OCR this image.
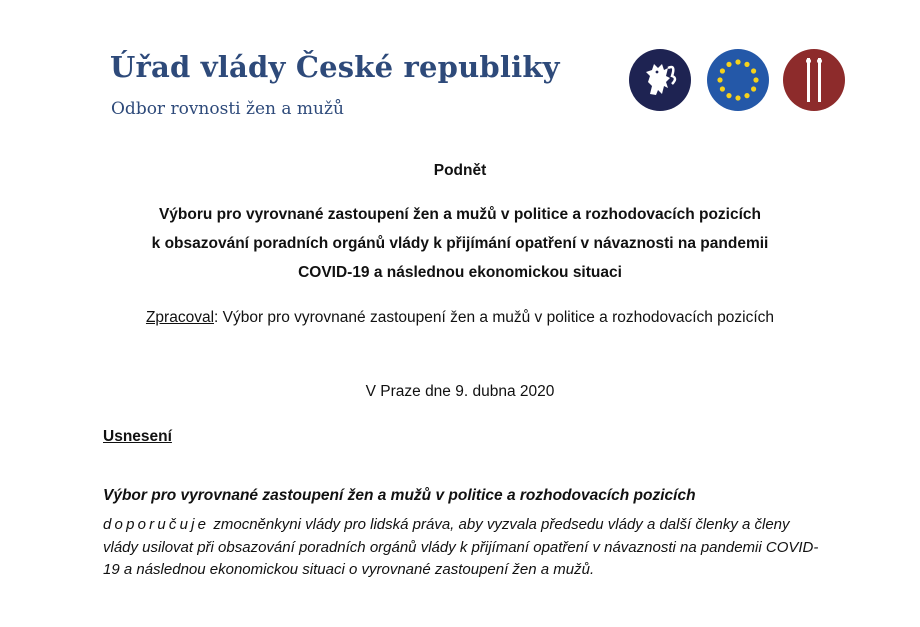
Úřad vlády České republiky
Odbor rovnosti žen a mužů
Podnět
Výboru pro vyrovnané zastoupení žen a mužů v politice a rozhodovacích pozicích
k obsazování poradních orgánů vlády k přijímání opatření v návaznosti na pandemii
COVID-19 a následnou ekonomickou situaci
Zpracoval: Výbor pro vyrovnané zastoupení žen a mužů v politice a rozhodovacích pozicích
V Praze dne 9. dubna 2020
Usnesení
Výbor pro vyrovnané zastoupení žen a mužů v politice a rozhodovacích pozicích
doporučuje zmocněnkyni vlády pro lidská práva, aby vyzvala předsedu vlády a další členky a členy vlády usilovat při obsazování poradních orgánů vlády k přijímaní opatření v návaznosti na pandemii COVID-19 a následnou ekonomickou situaci o vyrovnané zastoupení žen a mužů.
